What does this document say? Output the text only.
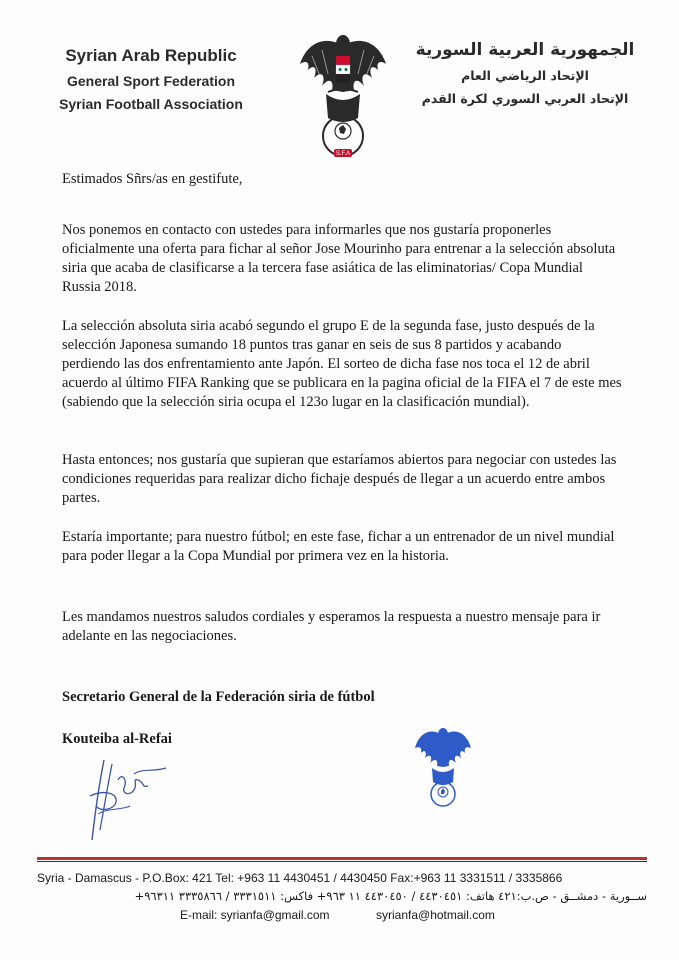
Syrian Arab Republic
General Sport Federation
Syrian Football Association
S.F.A
الجمهورية العربية السورية
الإتحاد الرياضي العام
الإتحاد العربي السوري لكرة القدم
Estimados Sñrs/as en gestifute,

Nos ponemos en contacto con ustedes para informarles que nos gustaría proponerles oficialmente una oferta para fichar al señor Jose Mourinho para entrenar a la selección absoluta siria que acaba de clasificarse a la tercera fase asiática de las eliminatorias/ Copa Mundial Russia 2018.

La selección absoluta siria acabó segundo el grupo E de la segunda fase, justo después de la selección Japonesa sumando 18 puntos tras ganar en seis de sus 8 partidos y acabando perdiendo las dos enfrentamiento ante Japón. El sorteo de dicha fase nos toca el 12 de abril acuerdo al último FIFA Ranking que se publicara en la pagina oficial de la FIFA el 7 de este mes (sabiendo que la selección siria ocupa el 123o lugar en la clasificación mundial).

Hasta entonces; nos gustaría que supieran que estaríamos abiertos para negociar con ustedes las condiciones requeridas para realizar dicho fichaje después de llegar a un acuerdo entre ambos partes.

Estaría importante; para nuestro fútbol; en este fase, fichar a un entrenador de un nivel mundial para poder llegar a la Copa Mundial por primera vez en la historia.

Les mandamos nuestros saludos cordiales y esperamos la respuesta a nuestro mensaje para ir adelante en las negociaciones.

Secretario General de la Federación siria de fútbol
Kouteiba al-Refai
Syria - Damascus - P.O.Box: 421 Tel: +963 11 4430451 / 4430450 Fax:+963 11 3331511 / 3335866
ســورية - دمشــق - ص.ب:٤٢١ هاتف: ٤٤٣٠٤٥١ / ٤٤٣٠٤٥٠ ١١ ٩٦٣+ فاكس: ٣٣٣١٥١١ / ٣٣٣٥٨٦٦ ٩٦٣١١+
E-mail: syrianfa@gmail.com	syrianfa@hotmail.com
